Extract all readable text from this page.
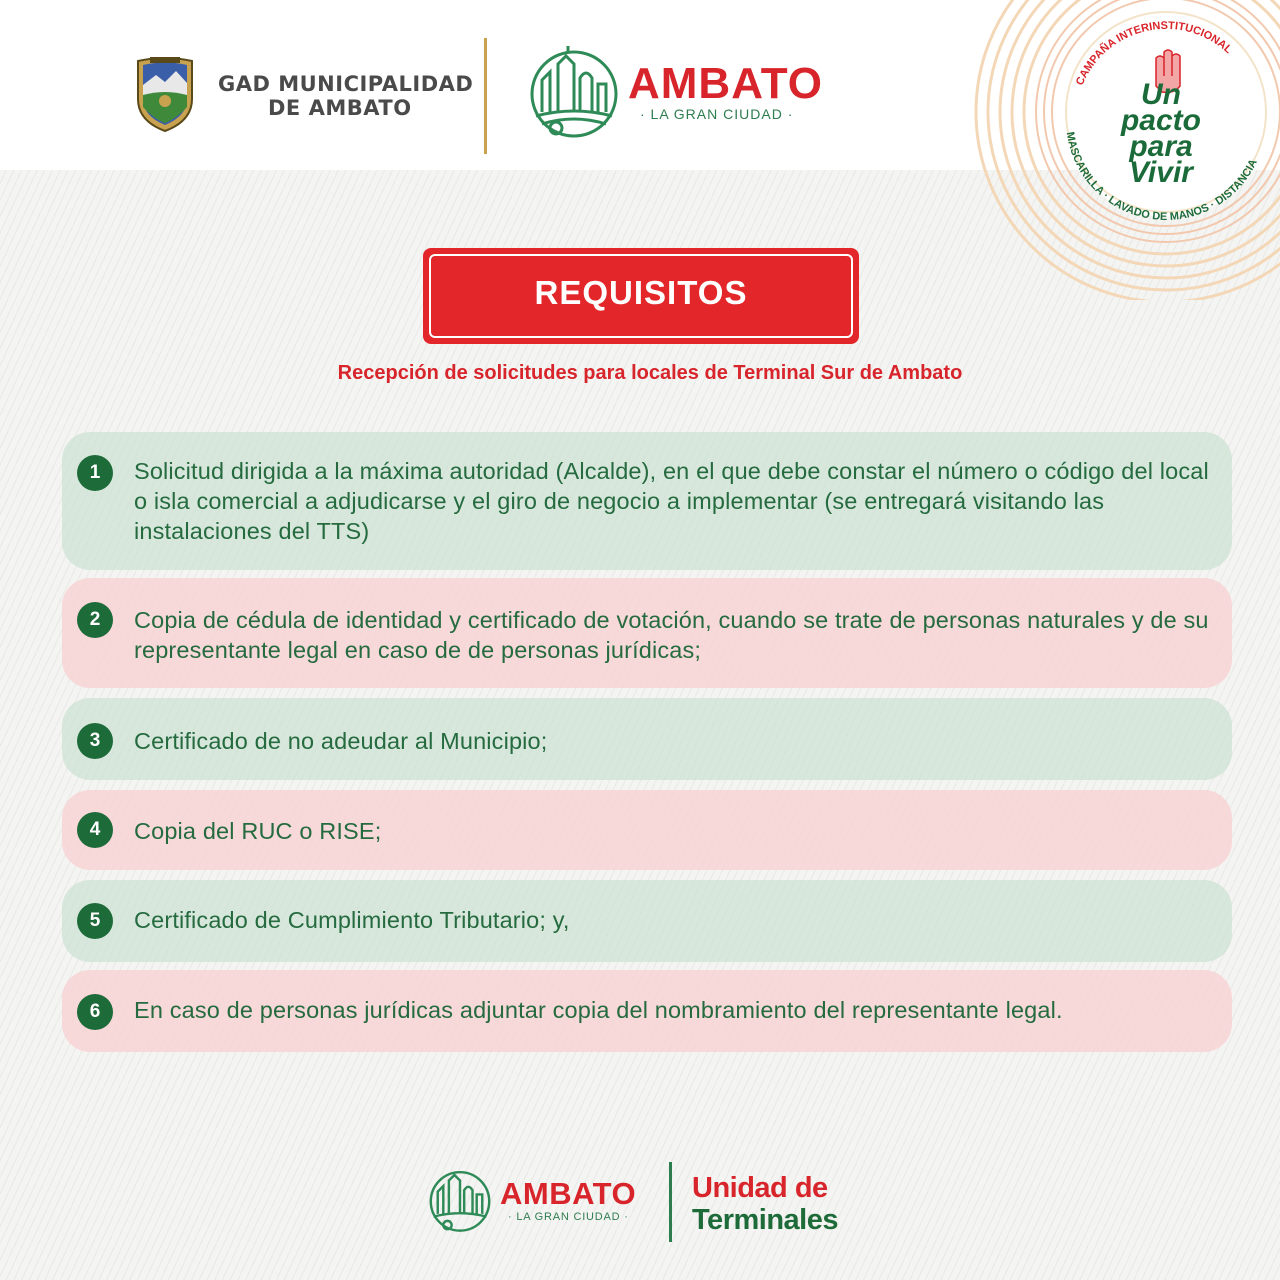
GAD MUNICIPALIDAD
DE AMBATO	AMBATO
· LA GRAN CIUDAD ·
CAMPAÑA INTERINSTITUCIONAL
MASCARILLA · LAVADO DE MANOS · DISTANCIA
Un
pacto
para
Vivir
REQUISITOS
Recepción de solicitudes para locales de Terminal Sur de Ambato
1	Solicitud dirigida a la máxima autoridad (Alcalde), en el que debe constar el número o código del local o isla comercial a adjudicarse y el giro de negocio a implementar (se entregará visitando las instalaciones del TTS)
2	Copia de cédula de identidad y certificado de votación, cuando se trate de personas naturales y de su representante legal en caso de de personas jurídicas;
3	Certificado de no adeudar al Municipio;
4	Copia del RUC o RISE;
5	Certificado de Cumplimiento Tributario; y,
6	En caso de personas jurídicas adjuntar copia del nombramiento del representante legal.
AMBATO
· LA GRAN CIUDAD ·
Unidad de
Terminales
